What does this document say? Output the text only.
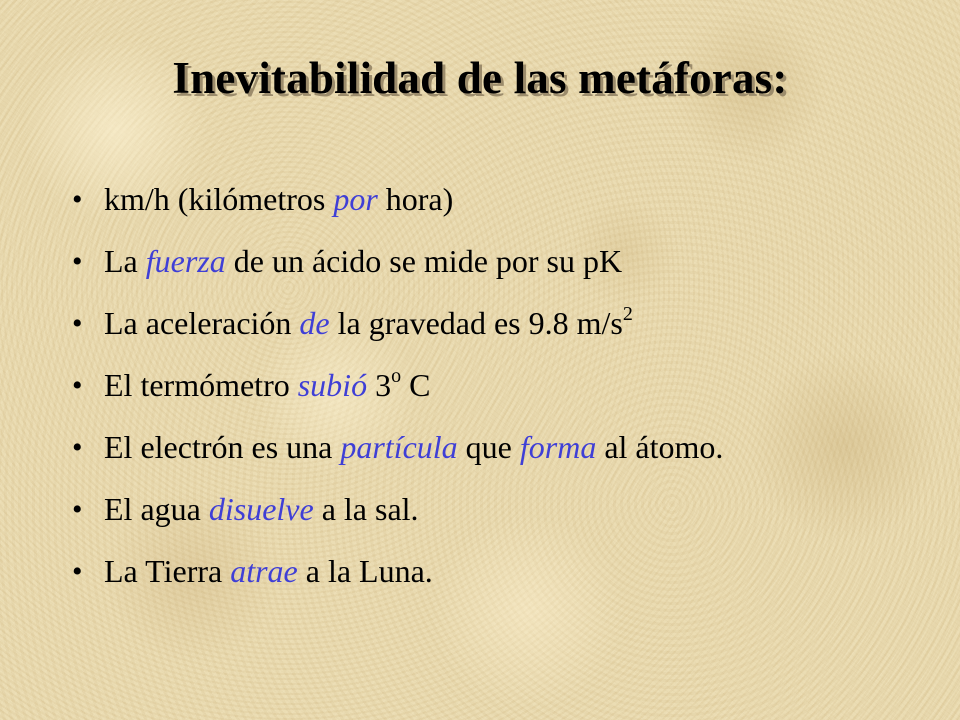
Inevitabilidad de las metáforas:
• km/h (kilómetros por hora)
• La fuerza de un ácido se mide por su pK
• La aceleración de la gravedad es 9.8 $m/s^2$
• El termómetro subió 3$^o$ C
• El electrón es una partícula que forma al átomo.
• El agua disuelve a la sal.
• La Tierra atrae a la Luna.
